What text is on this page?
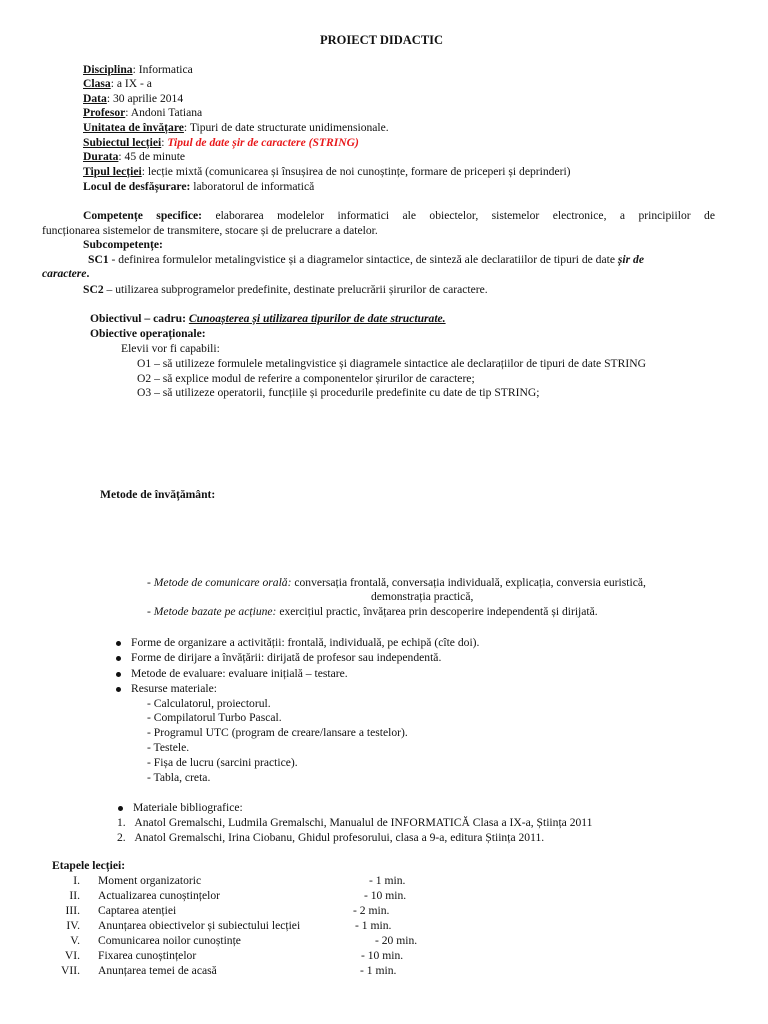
PROIECT DIDACTIC
Disciplina: Informatica
Clasa: a IX - a
Data: 30 aprilie 2014
Profesor: Andoni Tatiana
Unitatea de învățare: Tipuri de date structurate unidimensionale.
Subiectul lecției: Tipul de date șir de caractere (STRING)
Durata: 45 de minute
Tipul lecției: lecție mixtă (comunicarea și însușirea de noi cunoștințe, formare de priceperi și deprinderi)
Locul de desfășurare: laboratorul de informatică
Competențe specifice: elaborarea modelelor informatici ale obiectelor, sistemelor electronice, a principiilor de
funcționarea sistemelor de transmitere, stocare și de prelucrare a datelor.
Subcompetențe:
SC1 - definirea formulelor metalingvistice și a diagramelor sintactice, de sinteză ale declaratiilor de tipuri de date șir de
caractere.
SC2 – utilizarea subprogramelor predefinite, destinate prelucrării șirurilor de caractere.
Obiectivul – cadru: Cunoașterea și utilizarea tipurilor de date structurate.
Obiective operaționale:
Elevii vor fi capabili:
O1 – să utilizeze formulele metalingvistice și diagramele sintactice ale declarațiilor de tipuri de date STRING
O2 – să explice modul de referire a componentelor șirurilor de caractere;
O3 – să utilizeze operatorii, funcțiile și procedurile predefinite cu date de tip STRING;
Metode de învățământ:
- Metode de comunicare orală: conversația frontală, conversația individuală, explicația, conversia euristică,
demonstrația practică,
- Metode bazate pe acțiune: exercițiul practic, învățarea prin descoperire independentă și dirijată.
Forme de organizare a activității: frontală, individuală, pe echipă (cîte doi).
Forme de dirijare a învățării: dirijată de profesor sau independentă.
Metode de evaluare: evaluare inițială – testare.
Resurse materiale:
- Calculatorul, proiectorul.
- Compilatorul Turbo Pascal.
- Programul UTC (program de creare/lansare a testelor).
- Testele.
- Fișa de lucru (sarcini practice).
- Tabla, creta.
Materiale bibliografice:
1.   Anatol Gremalschi, Ludmila Gremalschi, Manualul de INFORMATICĂ Clasa a IX-a, Știința 2011
2.   Anatol Gremalschi, Irina Ciobanu, Ghidul profesorului, clasa a 9-a, editura Știința 2011.
Etapele lecției:
I. Moment organizatoric	- 1 min.
II. Actualizarea cunoștințelor	- 10 min.
III. Captarea atenției	- 2 min.
IV. Anunțarea obiectivelor și subiectului lecției	- 1 min.
V. Comunicarea noilor cunoștințe	- 20 min.
VI. Fixarea cunoștințelor	- 10 min.
VII. Anunțarea temei de acasă	- 1 min.
